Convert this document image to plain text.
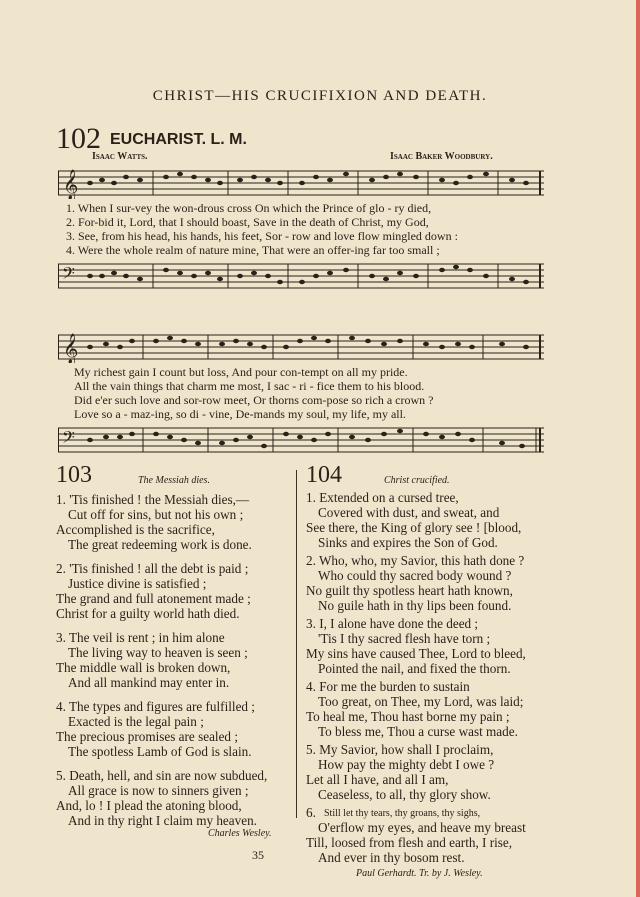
CHRIST—HIS CRUCIFIXION AND DEATH.
102 EUCHARIST. L. M.
Isaac Watts.	Isaac Baker Woodbury.
𝄞
1. When I sur-vey the won-drous cross On which the Prince of glo - ry died,
2. For-bid it, Lord, that I should boast, Save in the death of Christ, my God,
3. See, from his head, his hands, his feet, Sor - row and love flow mingled down :
4. Were the whole realm of nature mine, That were an offer-ing far too small ;
𝄢
𝄞
My richest gain I count but loss, And pour con-tempt on all my pride.
All the vain things that charm me most, I sac - ri - fice them to his blood.
Did e'er such love and sor-row meet, Or thorns com-pose so rich a crown ?
Love so a - maz-ing, so di - vine, De-mands my soul, my life, my all.
𝄢
103	The Messiah dies.
1. 'Tis finished ! the Messiah dies,—
Cut off for sins, but not his own ;
Accomplished is the sacrifice,
The great redeeming work is done.
2. 'Tis finished ! all the debt is paid ;
Justice divine is satisfied ;
The grand and full atonement made ;
Christ for a guilty world hath died.
3. The veil is rent ; in him alone
The living way to heaven is seen ;
The middle wall is broken down,
And all mankind may enter in.
4. The types and figures are fulfilled ;
Exacted is the legal pain ;
The precious promises are sealed ;
The spotless Lamb of God is slain.
5. Death, hell, and sin are now subdued,
All grace is now to sinners given ;
And, lo ! I plead the atoning blood,
And in thy right I claim my heaven.
Charles Wesley.
104	Christ crucified.
1. Extended on a cursed tree,
Covered with dust, and sweat, and
See there, the King of glory see ! [blood,
Sinks and expires the Son of God.
2. Who, who, my Savior, this hath done ?
Who could thy sacred body wound ?
No guilt thy spotless heart hath known,
No guile hath in thy lips been found.
3. I, I alone have done the deed ;
'Tis I thy sacred flesh have torn ;
My sins have caused Thee, Lord to bleed,
Pointed the nail, and fixed the thorn.
4. For me the burden to sustain
Too great, on Thee, my Lord, was laid;
To heal me, Thou hast borne my pain ;
To bless me, Thou a curse wast made.
5. My Savior, how shall I proclaim,
How pay the mighty debt I owe ?
Let all I have, and all I am,
Ceaseless, to all, thy glory show.
6. Still let thy tears, thy groans, thy sighs,
O'erflow my eyes, and heave my breast
Till, loosed from flesh and earth, I rise,
And ever in thy bosom rest.
Paul Gerhardt. Tr. by J. Wesley.
35
